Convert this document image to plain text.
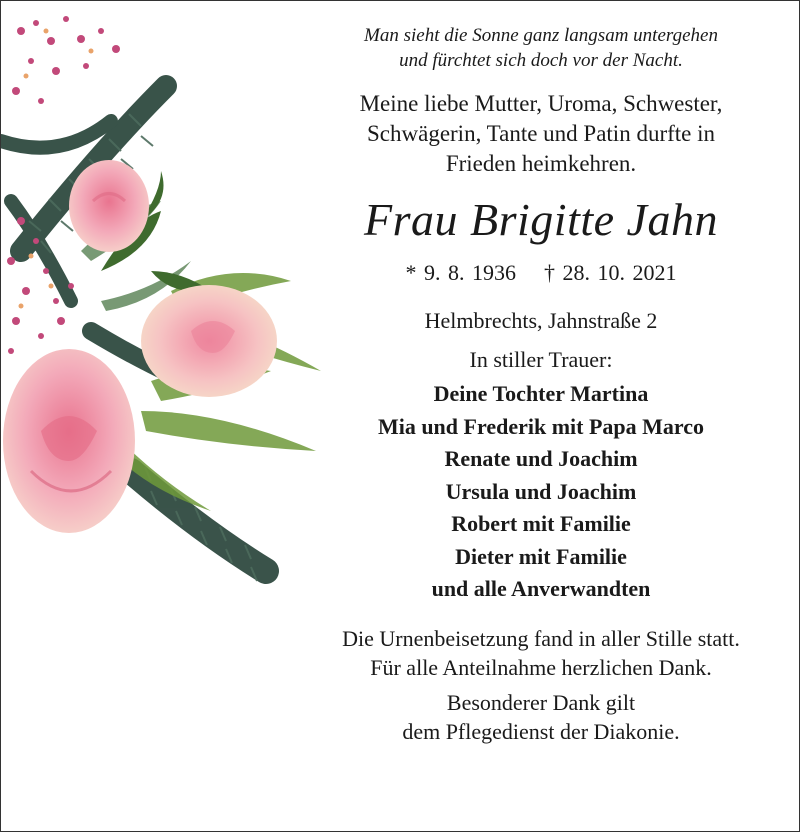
Man sieht die Sonne ganz langsam untergehen
und fürchtet sich doch vor der Nacht.

Meine liebe Mutter, Uroma, Schwester,
Schwägerin, Tante und Patin durfte in
Frieden heimkehren.

Frau Brigitte Jahn

* 9. 8. 1936 † 28. 10. 2021

Helmbrechts, Jahnstraße 2

In stiller Trauer:

Deine Tochter Martina
Mia und Frederik mit Papa Marco
Renate und Joachim
Ursula und Joachim
Robert mit Familie
Dieter mit Familie
und alle Anverwandten

Die Urnenbeisetzung fand in aller Stille statt.

Für alle Anteilnahme herzlichen Dank.

Besonderer Dank gilt
dem Pflegedienst der Diakonie.
